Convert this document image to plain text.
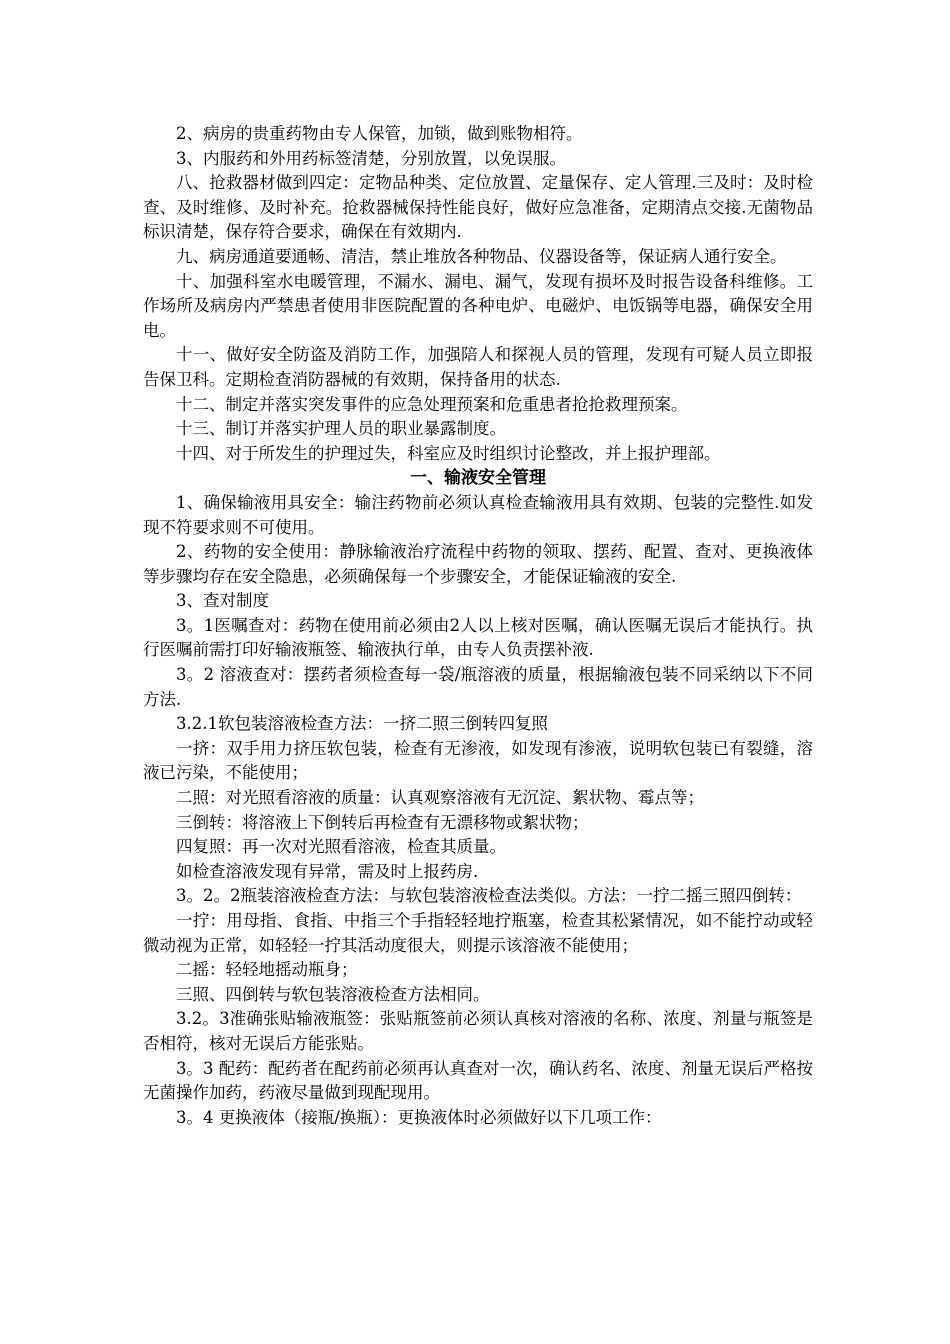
2、病房的贵重药物由专人保管，加锁，做到账物相符。

3、内服药和外用药标签清楚，分别放置，以免误服。

八、抢救器材做到四定：定物品种类、定位放置、定量保存、定人管理.三及时：及时检查、及时维修、及时补充。抢救器械保持性能良好，做好应急准备，定期清点交接.无菌物品标识清楚，保存符合要求，确保在有效期内.

九、病房通道要通畅、清洁，禁止堆放各种物品、仪器设备等，保证病人通行安全。

十、加强科室水电暖管理，不漏水、漏电、漏气，发现有损坏及时报告设备科维修。工作场所及病房内严禁患者使用非医院配置的各种电炉、电磁炉、电饭锅等电器，确保安全用电。

十一、做好安全防盗及消防工作，加强陪人和探视人员的管理，发现有可疑人员立即报告保卫科。定期检查消防器械的有效期，保持备用的状态.

十二、制定并落实突发事件的应急处理预案和危重患者抢抢救理预案。

十三、制订并落实护理人员的职业暴露制度。

十四、对于所发生的护理过失，科室应及时组织讨论整改，并上报护理部。

一、输液安全管理

1、确保输液用具安全：输注药物前必须认真检查输液用具有效期、包装的完整性.如发现不符要求则不可使用。

2、药物的安全使用：静脉输液治疗流程中药物的领取、摆药、配置、查对、更换液体等步骤均存在安全隐患，必须确保每一个步骤安全，才能保证输液的安全.

3、查对制度

3。1医嘱查对：药物在使用前必须由2人以上核对医嘱，确认医嘱无误后才能执行。执行医嘱前需打印好输液瓶签、输液执行单，由专人负责摆补液.

3。2 溶液查对：摆药者须检查每一袋/瓶溶液的质量，根据输液包装不同采纳以下不同方法.

3.2.1软包装溶液检查方法：一挤二照三倒转四复照

一挤：双手用力挤压软包装，检查有无渗液，如发现有渗液，说明软包装已有裂缝，溶液已污染，不能使用；

二照：对光照看溶液的质量：认真观察溶液有无沉淀、絮状物、霉点等；

三倒转：将溶液上下倒转后再检查有无漂移物或絮状物；

四复照：再一次对光照看溶液，检查其质量。

如检查溶液发现有异常，需及时上报药房.

3。2。2瓶装溶液检查方法：与软包装溶液检查法类似。方法：一拧二摇三照四倒转：

一拧：用母指、食指、中指三个手指轻轻地拧瓶塞，检查其松紧情况，如不能拧动或轻微动视为正常，如轻轻一拧其活动度很大，则提示该溶液不能使用；

二摇：轻轻地摇动瓶身；

三照、四倒转与软包装溶液检查方法相同。

3.2。3准确张贴输液瓶签：张贴瓶签前必须认真核对溶液的名称、浓度、剂量与瓶签是否相符，核对无误后方能张贴。

3。3 配药：配药者在配药前必须再认真查对一次，确认药名、浓度、剂量无误后严格按无菌操作加药，药液尽量做到现配现用。

3。4 更换液体（接瓶/换瓶）：更换液体时必须做好以下几项工作：
